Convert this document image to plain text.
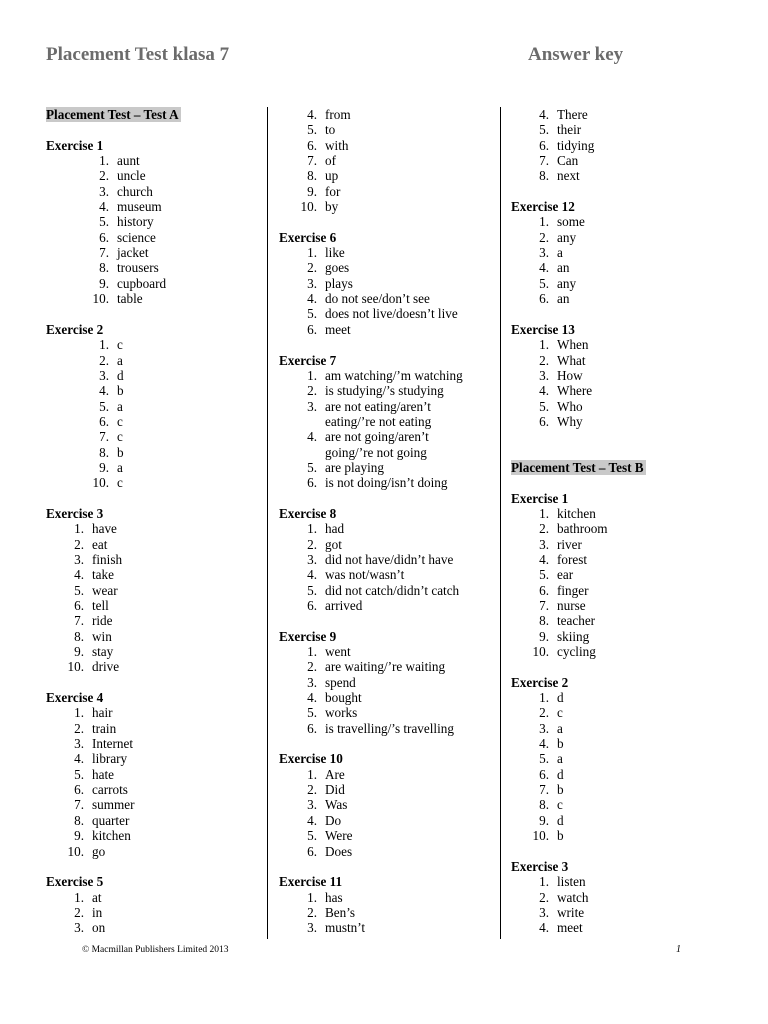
Placement Test klasa 7	Answer key
Placement Test – Test A
Exercise 1
1. aunt
2. uncle
3. church
4. museum
5. history
6. science
7. jacket
8. trousers
9. cupboard
10. table
Exercise 2
1. c
2. a
3. d
4. b
5. a
6. c
7. c
8. b
9. a
10. c
Exercise 3
1. have
2. eat
3. finish
4. take
5. wear
6. tell
7. ride
8. win
9. stay
10. drive
Exercise 4
1. hair
2. train
3. Internet
4. library
5. hate
6. carrots
7. summer
8. quarter
9. kitchen
10. go
Exercise 5
1. at
2. in
3. on
4. from
5. to
6. with
7. of
8. up
9. for
10. by
Exercise 6
1. like
2. goes
3. plays
4. do not see/don’t see
5. does not live/doesn’t live
6. meet
Exercise 7
1. am watching/’m watching
2. is studying/’s studying
3. are not eating/aren’t
eating/’re not eating
4. are not going/aren’t
going/’re not going
5. are playing
6. is not doing/isn’t doing
Exercise 8
1. had
2. got
3. did not have/didn’t have
4. was not/wasn’t
5. did not catch/didn’t catch
6. arrived
Exercise 9
1. went
2. are waiting/’re waiting
3. spend
4. bought
5. works
6. is travelling/’s travelling
Exercise 10
1. Are
2. Did
3. Was
4. Do
5. Were
6. Does
Exercise 11
1. has
2. Ben’s
3. mustn’t
4. There
5. their
6. tidying
7. Can
8. next
Exercise 12
1. some
2. any
3. a
4. an
5. any
6. an
Exercise 13
1. When
2. What
3. How
4. Where
5. Who
6. Why
Placement Test – Test B
Exercise 1
1. kitchen
2. bathroom
3. river
4. forest
5. ear
6. finger
7. nurse
8. teacher
9. skiing
10. cycling
Exercise 2
1. d
2. c
3. a
4. b
5. a
6. d
7. b
8. c
9. d
10. b
Exercise 3
1. listen
2. watch
3. write
4. meet
© Macmillan Publishers Limited 2013	1
